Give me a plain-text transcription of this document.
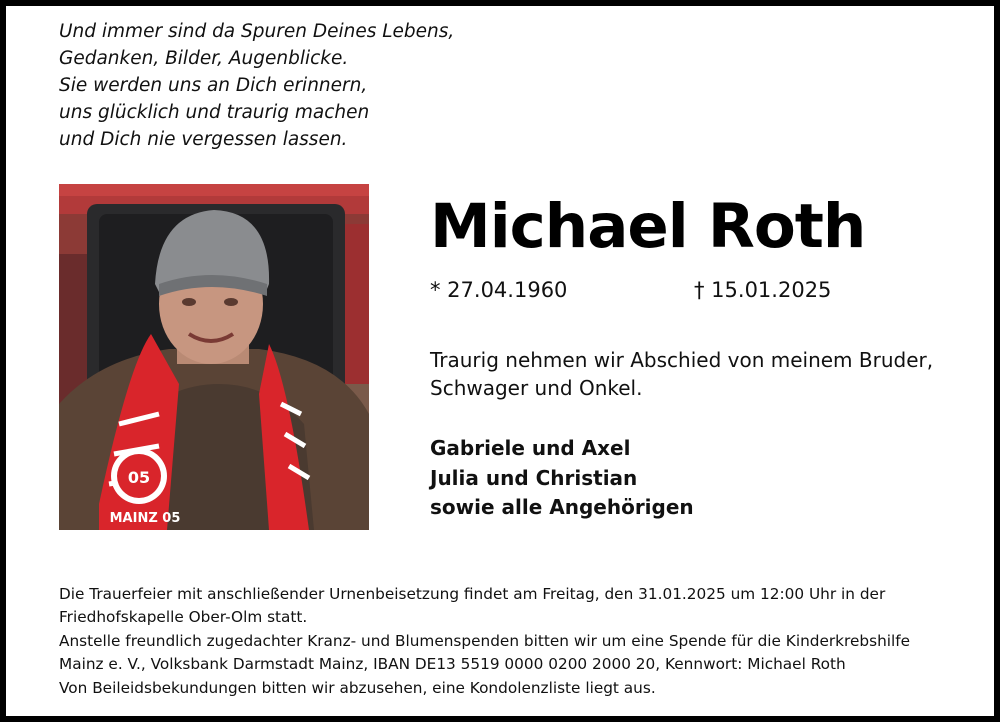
Und immer sind da Spuren Deines Lebens,
Gedanken, Bilder, Augenblicke.
Sie werden uns an Dich erinnern,
uns glücklich und traurig machen
und Dich nie vergessen lassen.
05
MAINZ 05
Michael Roth
* 27.04.1960	† 15.01.2025
Traurig nehmen wir Abschied von meinem Bruder,
Schwager und Onkel.
Gabriele und Axel
Julia und Christian
sowie alle Angehörigen
Die Trauerfeier mit anschließender Urnenbeisetzung findet am Freitag, den 31.01.2025 um 12:00 Uhr in der
Friedhofskapelle Ober-Olm statt.
Anstelle freundlich zugedachter Kranz- und Blumenspenden bitten wir um eine Spende für die Kinderkrebshilfe
Mainz e. V., Volksbank Darmstadt Mainz, IBAN DE13 5519 0000 0200 2000 20, Kennwort: Michael Roth
Von Beileidsbekundungen bitten wir abzusehen, eine Kondolenzliste liegt aus.
